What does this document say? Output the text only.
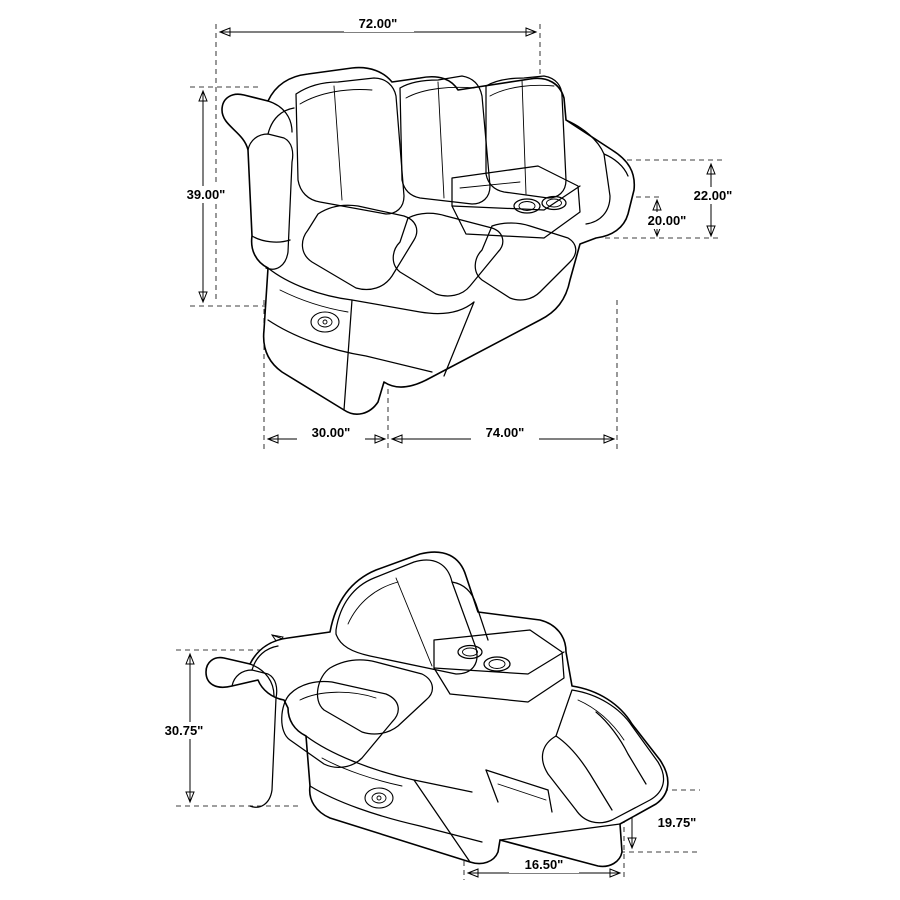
72.00"
39.00"	22.00"
20.00"
30.00"	74.00"
30.75"
19.75"
16.50"
